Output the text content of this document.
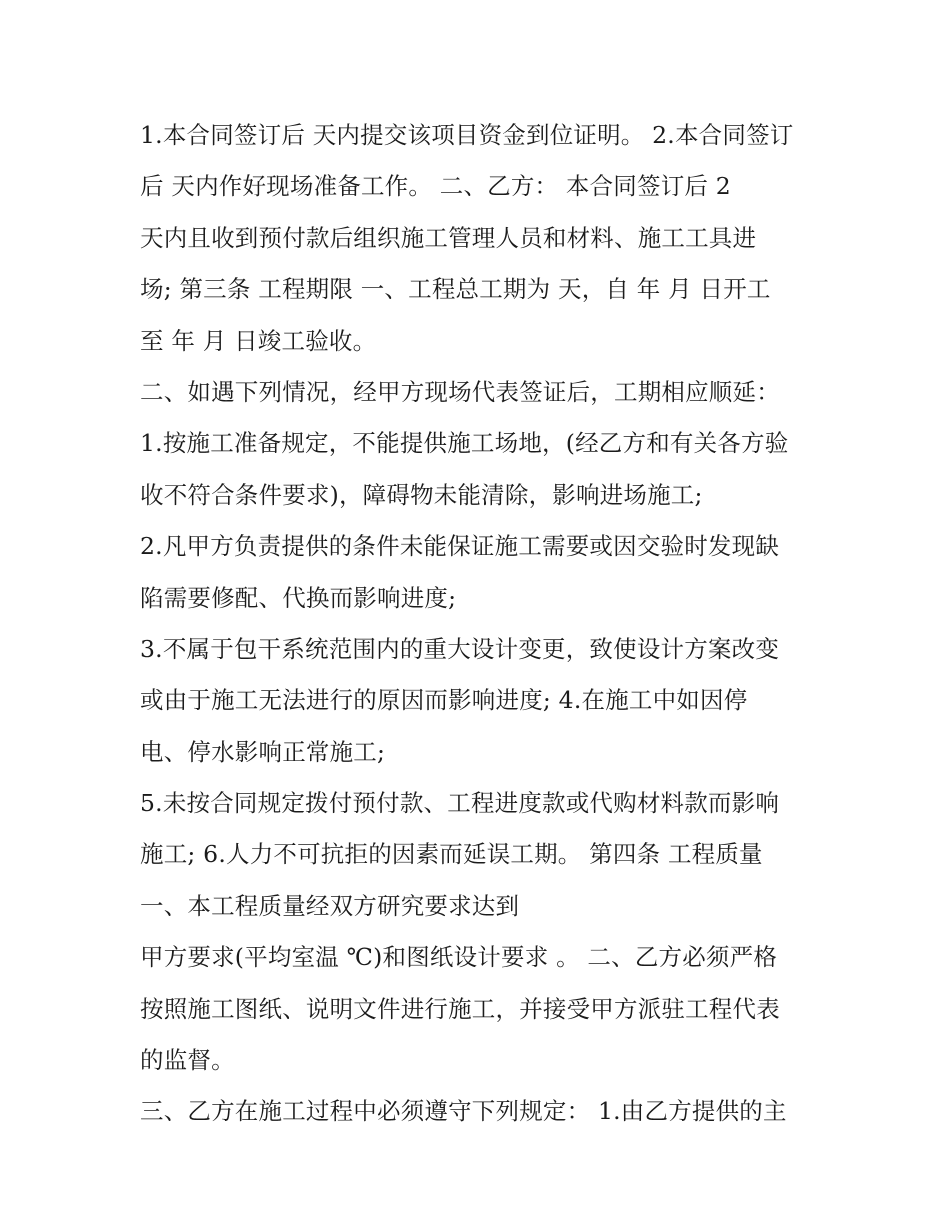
1.本合同签订后 天内提交该项目资金到位证明。 2.本合同签订
后 天内作好现场准备工作。 二、乙方： 本合同签订后 2
天内且收到预付款后组织施工管理人员和材料、施工工具进
场; 第三条 工程期限 一、工程总工期为 天，自 年 月 日开工
至 年 月 日竣工验收。
二、如遇下列情况，经甲方现场代表签证后，工期相应顺延：
1.按施工准备规定，不能提供施工场地，(经乙方和有关各方验
收不符合条件要求)，障碍物未能清除，影响进场施工;
2.凡甲方负责提供的条件未能保证施工需要或因交验时发现缺
陷需要修配、代换而影响进度;
3.不属于包干系统范围内的重大设计变更，致使设计方案改变
或由于施工无法进行的原因而影响进度; 4.在施工中如因停
电、停水影响正常施工;
5.未按合同规定拨付预付款、工程进度款或代购材料款而影响
施工; 6.人力不可抗拒的因素而延误工期。 第四条 工程质量
一、本工程质量经双方研究要求达到
甲方要求(平均室温 ℃)和图纸设计要求 。 二、乙方必须严格
按照施工图纸、说明文件进行施工，并接受甲方派驻工程代表
的监督。
三、乙方在施工过程中必须遵守下列规定： 1.由乙方提供的主
